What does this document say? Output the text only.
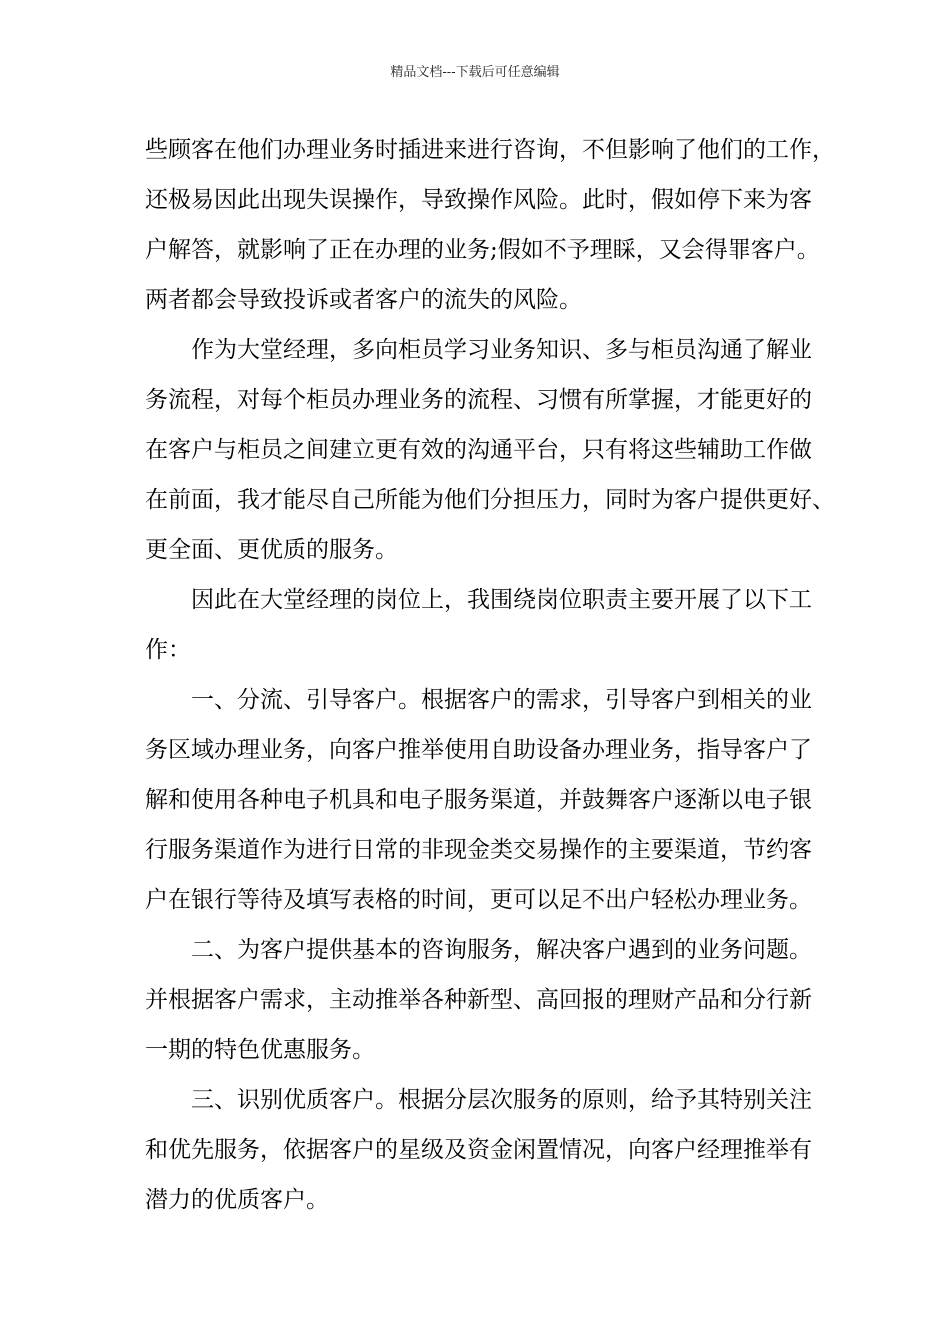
精品文档---下载后可任意编辑
些顾客在他们办理业务时插进来进行咨询，不但影响了他们的工作，
还极易因此出现失误操作，导致操作风险。此时，假如停下来为客
户解答，就影响了正在办理的业务;假如不予理睬，又会得罪客户。
两者都会导致投诉或者客户的流失的风险。
　　作为大堂经理，多向柜员学习业务知识、多与柜员沟通了解业
务流程，对每个柜员办理业务的流程、习惯有所掌握，才能更好的
在客户与柜员之间建立更有效的沟通平台，只有将这些辅助工作做
在前面，我才能尽自己所能为他们分担压力，同时为客户提供更好、
更全面、更优质的服务。
　　因此在大堂经理的岗位上，我围绕岗位职责主要开展了以下工
作：
　　一、分流、引导客户。根据客户的需求，引导客户到相关的业
务区域办理业务，向客户推举使用自助设备办理业务，指导客户了
解和使用各种电子机具和电子服务渠道，并鼓舞客户逐渐以电子银
行服务渠道作为进行日常的非现金类交易操作的主要渠道，节约客
户在银行等待及填写表格的时间，更可以足不出户轻松办理业务。
　　二、为客户提供基本的咨询服务，解决客户遇到的业务问题。
并根据客户需求，主动推举各种新型、高回报的理财产品和分行新
一期的特色优惠服务。
　　三、识别优质客户。根据分层次服务的原则，给予其特别关注
和优先服务，依据客户的星级及资金闲置情况，向客户经理推举有
潜力的优质客户。
